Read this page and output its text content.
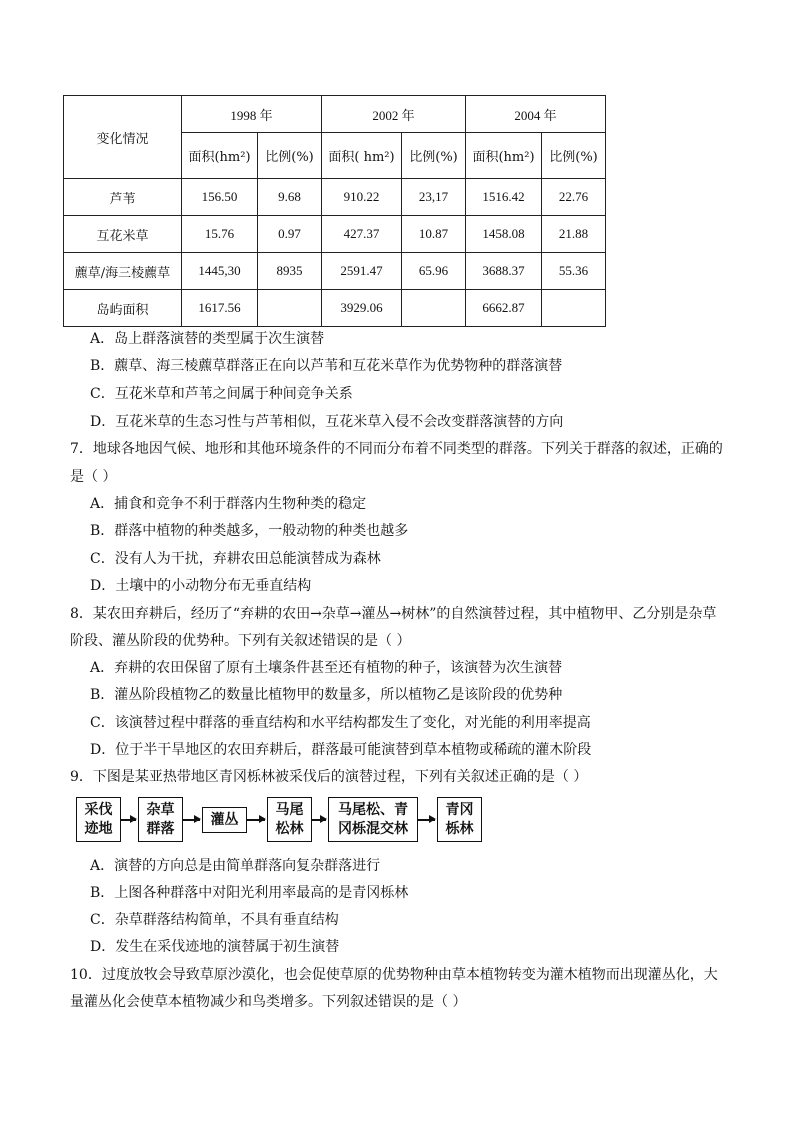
变化情况	1998 年		2002 年		2004 年	
	面积(hm²)	比例(%)	面积( hm²)	比例(%)	面积(hm²)	比例(%)
芦苇	156.50	9.68	910.22	23,17	1516.42	22.76
互花米草	15.76	0.97	427.37	10.87	1458.08	21.88
藨草/海三棱藨草	1445,30	8935	2591.47	65.96	3688.37	55.36
岛屿面积	1617.56		3929.06		6662.87	
A．岛上群落演替的类型属于次生演替
B．藨草、海三棱藨草群落正在向以芦苇和互花米草作为优势物种的群落演替
C．互花米草和芦苇之间属于种间竞争关系
D．互花米草的生态习性与芦苇相似，互花米草入侵不会改变群落演替的方向
7．地球各地因气候、地形和其他环境条件的不同而分布着不同类型的群落。下列关于群落的叙述，正确的
是（ ）
A．捕食和竞争不利于群落内生物种类的稳定
B．群落中植物的种类越多，一般动物的种类也越多
C．没有人为干扰，弃耕农田总能演替成为森林
D．土壤中的小动物分布无垂直结构
8．某农田弃耕后，经历了“弃耕的农田→杂草→灌丛→树林”的自然演替过程，其中植物甲、乙分别是杂草
阶段、灌丛阶段的优势种。下列有关叙述错误的是（ ）
A．弃耕的农田保留了原有土壤条件甚至还有植物的种子，该演替为次生演替
B．灌丛阶段植物乙的数量比植物甲的数量多，所以植物乙是该阶段的优势种
C．该演替过程中群落的垂直结构和水平结构都发生了变化，对光能的利用率提高
D．位于半干旱地区的农田弃耕后，群落最可能演替到草本植物或稀疏的灌木阶段
9．下图是某亚热带地区青冈栎林被采伐后的演替过程，下列有关叙述正确的是（ ）
采伐
迹地
杂草
群落
灌丛
马尾
松林
马尾松、青
冈栎混交林
青冈
栎林
A．演替的方向总是由简单群落向复杂群落进行
B．上图各种群落中对阳光利用率最高的是青冈栎林
C．杂草群落结构简单，不具有垂直结构
D．发生在采伐迹地的演替属于初生演替
10．过度放牧会导致草原沙漠化，也会促使草原的优势物种由草本植物转变为灌木植物而出现灌丛化，大
量灌丛化会使草本植物减少和鸟类增多。下列叙述错误的是（ ）
